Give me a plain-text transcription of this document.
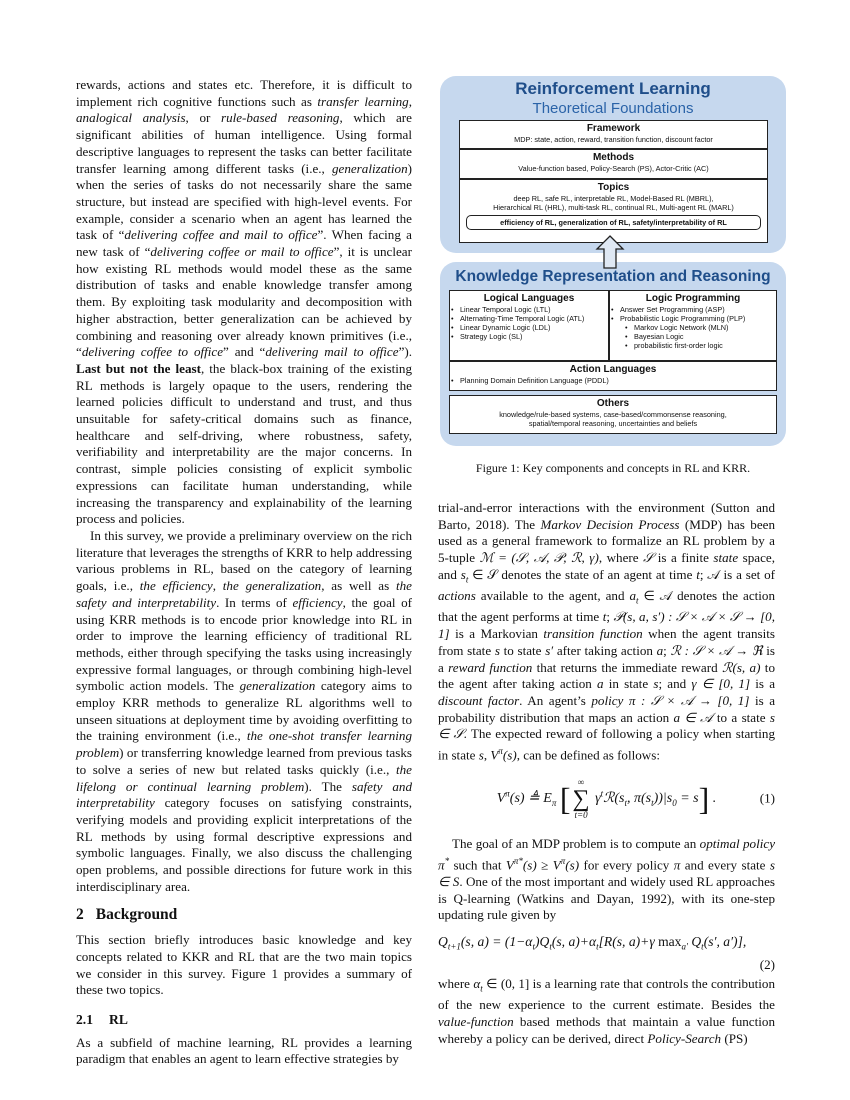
rewards, actions and states etc. Therefore, it is difficult to implement rich cognitive functions such as transfer learning, analogical analysis, or rule-based reasoning, which are significant abilities of human intelligence. Using formal descriptive languages to represent the tasks can better facilitate transfer learning among different tasks (i.e., generalization) when the series of tasks do not necessarily share the same structure, but instead are specified with high-level events. For example, consider a scenario when an agent has learned the task of “delivering coffee and mail to office”. When facing a new task of “delivering coffee or mail to office”, it is unclear how existing RL methods would model these as the same distribution of tasks and enable knowledge transfer among them. By exploiting task modularity and decomposition with higher abstraction, better generalization can be achieved by combining and reasoning over already known primitives (i.e., “delivering coffee to office” and “delivering mail to office”). Last but not the least, the black-box training of the existing RL methods is largely opaque to the users, rendering the learned policies difficult to understand and trust, and thus unsuitable for safety-critical domains such as finance, healthcare and self-driving, where robustness, safety, verifiability and interpretability are the major concerns. In contrast, simple policies consisting of explicit symbolic expressions can facilitate human understanding, while increasing the transparency and explainability of the learning process and policies.

In this survey, we provide a preliminary overview on the rich literature that leverages the strengths of KRR to help addressing various problems in RL, based on the category of learning goals, i.e., the efficiency, the generalization, as well as the safety and interpretability. In terms of efficiency, the goal of using KRR methods is to encode prior knowledge into RL in order to improve the learning efficiency of traditional RL methods, either through specifying the tasks using increasingly expressive formal languages, or through combining high-level symbolic action models. The generalization category aims to employ KRR methods to generalize RL algorithms well to unseen situations at deployment time by avoiding overfitting to the training environment (i.e., the one-shot transfer learning problem) or transferring knowledge learned from previous tasks to solve a series of new but related tasks quickly (i.e., the lifelong or continual learning problem). The safety and interpretability category focuses on satisfying constraints, verifying models and providing explicit interpretations of the RL methods by using formal descriptive expressions and symbolic languages. Finally, we also discuss the challenging open problems, and possible directions for future work in this interdisciplinary area.

2 Background

This section briefly introduces basic knowledge and key concepts related to KKR and RL that are the two main topics we consider in this survey. Figure 1 provides a summary of these two topics.

2.1 RL

As a subfield of machine learning, RL provides a learning paradigm that enables an agent to learn effective strategies by

Reinforcement Learning
Theoretical Foundations
Framework
MDP: state, action, reward, transition function, discount factor
Methods
Value-function based, Policy-Search (PS), Actor-Critic (AC)
Topics
deep RL, safe RL, interpretable RL, Model-Based RL (MBRL),
Hierarchical RL (HRL), multi-task RL, continual RL, Multi-agent RL (MARL)
efficiency of RL, generalization of RL, safety/interpretability of RL
Knowledge Representation and Reasoning
Logical Languages
• Linear Temporal Logic (LTL)
• Alternating-Time Temporal Logic (ATL)
• Linear Dynamic Logic (LDL)
• Strategy Logic (SL)
Logic Programming
• Answer Set Programming (ASP)
• Probabilistic Logic Programming (PLP)
• Markov Logic Network (MLN)
• Bayesian Logic
• probabilistic first-order logic
Action Languages
• Planning Domain Definition Language (PDDL)
Others
knowledge/rule-based systems, case-based/commonsense reasoning,
spatial/temporal reasoning, uncertainties and beliefs
Figure 1: Key components and concepts in RL and KRR.

trial-and-error interactions with the environment (Sutton and Barto, 2018). The Markov Decision Process (MDP) has been used as a general framework to formalize an RL problem by a 5-tuple ℳ = (𝒮, 𝒜, 𝒫, ℛ, γ), where 𝒮 is a finite state space, and $s_t$ ∈ 𝒮 denotes the state of an agent at time t; 𝒜 is a set of actions available to the agent, and $a_t$ ∈ 𝒜 denotes the action that the agent performs at time t; 𝒫(s, a, s′) : 𝒮 × 𝒜 × 𝒮 → [0, 1] is a Markovian transition function when the agent transits from state s to state s′ after taking action a; ℛ : 𝒮 × 𝒜 → ℜ is a reward function that returns the immediate reward ℛ(s, a) to the agent after taking action a in state s; and γ ∈ [0, 1] is a discount factor. An agent’s policy π : 𝒮 × 𝒜 → [0, 1] is a probability distribution that maps an action a ∈ 𝒜 to a state s ∈ 𝒮. The expected reward of following a policy when starting in state s, $V^\pi(s)$, can be defined as follows:

$V^\pi(s)$ ≜ $E_\pi$ [ ∞
∑
t=0
$\gamma^tℛ(s_t$, $\pi(s_t))|s_0 = s$] .	(1)

The goal of an MDP problem is to compute an optimal policy π* such that $V^{\pi*}(s) \ge V^\pi(s)$ for every policy π and every state s ∈ S. One of the most important and widely used RL approaches is Q-learning (Watkins and Dayan, 1992), with its one-step updating rule given by

$Q_{t+1}(s$, $a) = (1-\alpha_t)Q_t(s$, $a)+\alpha_t[R(s$, a)+γ $\max_{a'} Q_t(s'$, a′)],
(2)

where $\alpha_t$ ∈ (0, 1] is a learning rate that controls the contribution of the new experience to the current estimate. Besides the value-function based methods that maintain a value function whereby a policy can be derived, direct Policy-Search (PS)
